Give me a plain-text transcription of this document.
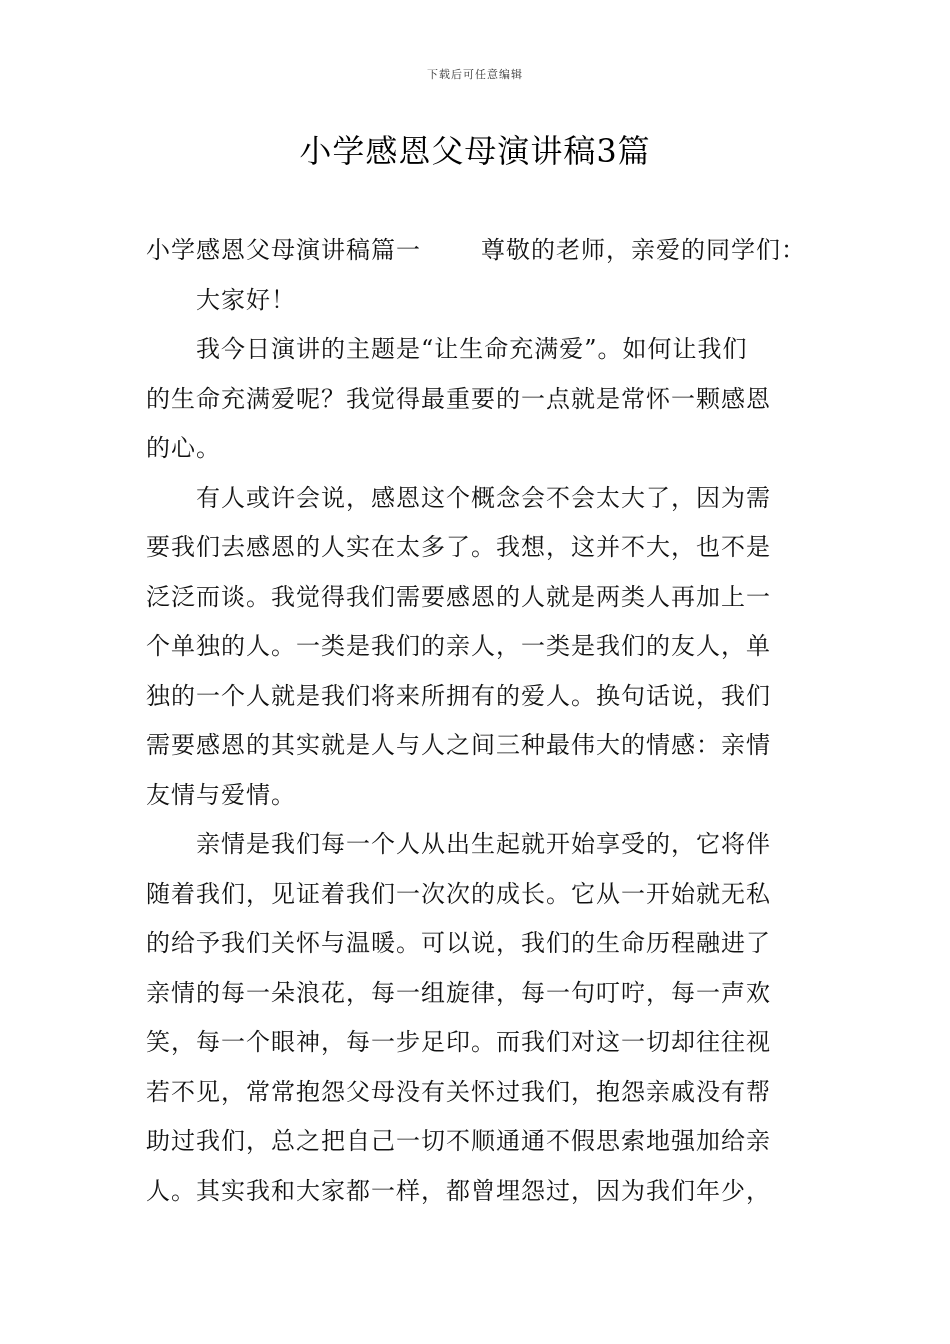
下载后可任意编辑
小学感恩父母演讲稿3篇
小学感恩父母演讲稿篇一	尊敬的老师，亲爱的同学们：
大家好！
我今日演讲的主题是“让生命充满爱”。如何让我们
的生命充满爱呢？我觉得最重要的一点就是常怀一颗感恩
的心。
有人或许会说，感恩这个概念会不会太大了，因为需
要我们去感恩的人实在太多了。我想，这并不大，也不是
泛泛而谈。我觉得我们需要感恩的人就是两类人再加上一
个单独的人。一类是我们的亲人，一类是我们的友人，单
独的一个人就是我们将来所拥有的爱人。换句话说，我们
需要感恩的其实就是人与人之间三种最伟大的情感：亲情
友情与爱情。
亲情是我们每一个人从出生起就开始享受的，它将伴
随着我们，见证着我们一次次的成长。它从一开始就无私
的给予我们关怀与温暖。可以说，我们的生命历程融进了
亲情的每一朵浪花，每一组旋律，每一句叮咛，每一声欢
笑，每一个眼神，每一步足印。而我们对这一切却往往视
若不见，常常抱怨父母没有关怀过我们，抱怨亲戚没有帮
助过我们，总之把自己一切不顺通通不假思索地强加给亲
人。其实我和大家都一样，都曾埋怨过，因为我们年少，
